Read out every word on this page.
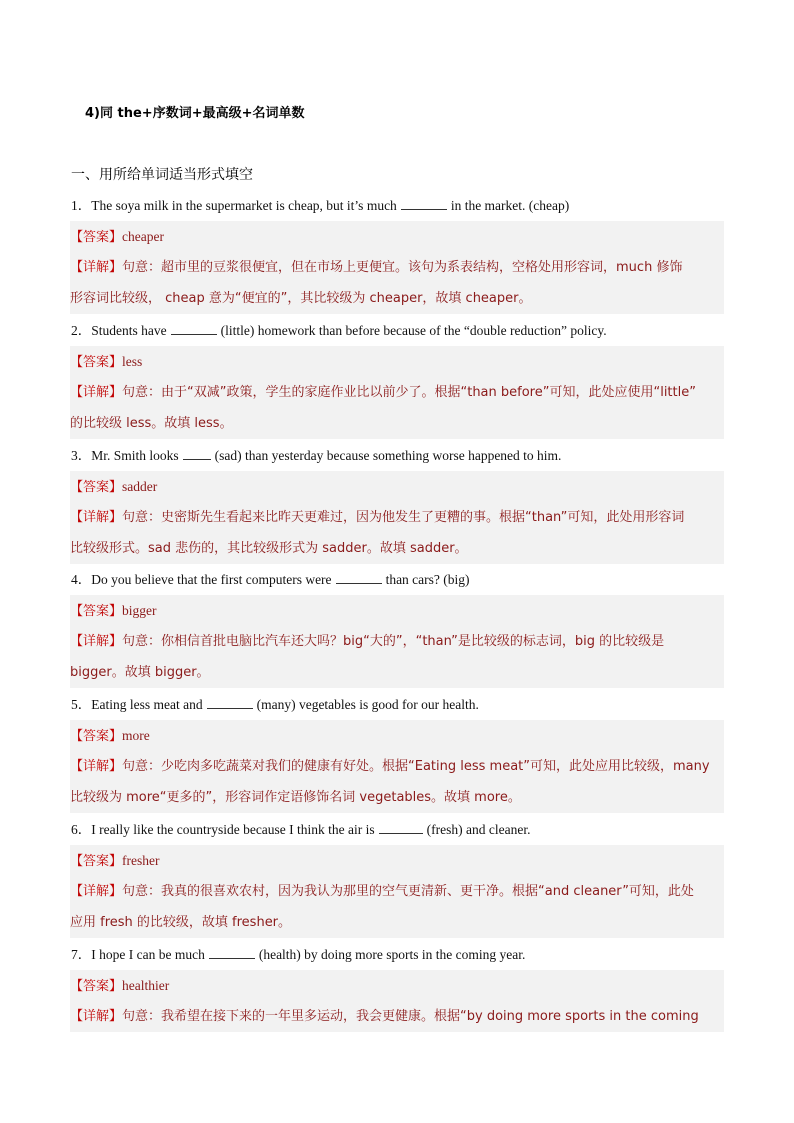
4)同 the+序数词+最高级+名词单数
一、用所给单词适当形式填空
1．The soya milk in the supermarket is cheap, but it’s much	in the market. (cheap)
【答案】cheaper
【详解】句意：超市里的豆浆很便宜，但在市场上更便宜。该句为系表结构，空格处用形容词，much 修饰
形容词比较级， cheap 意为“便宜的”，其比较级为 cheaper，故填 cheaper。
2．Students have	(little) homework than before because of the “double reduction” policy.
【答案】less
【详解】句意：由于“双减”政策，学生的家庭作业比以前少了。根据“than before”可知，此处应使用“little”
的比较级 less。故填 less。
3．Mr. Smith looks	(sad) than yesterday because something worse happened to him.
【答案】sadder
【详解】句意：史密斯先生看起来比昨天更难过，因为他发生了更糟的事。根据“than”可知，此处用形容词
比较级形式。sad 悲伤的，其比较级形式为 sadder。故填 sadder。
4．Do you believe that the first computers were	than cars? (big)
【答案】bigger
【详解】句意：你相信首批电脑比汽车还大吗？big“大的”，“than”是比较级的标志词，big 的比较级是
bigger。故填 bigger。
5．Eating less meat and	(many) vegetables is good for our health.
【答案】more
【详解】句意：少吃肉多吃蔬菜对我们的健康有好处。根据“Eating less meat”可知，此处应用比较级，many
比较级为 more“更多的”，形容词作定语修饰名词 vegetables。故填 more。
6．I really like the countryside because I think the air is	(fresh) and cleaner.
【答案】fresher
【详解】句意：我真的很喜欢农村，因为我认为那里的空气更清新、更干净。根据“and cleaner”可知，此处
应用 fresh 的比较级，故填 fresher。
7．I hope I can be much	(health) by doing more sports in the coming year.
【答案】healthier
【详解】句意：我希望在接下来的一年里多运动，我会更健康。根据“by doing more sports in the coming
